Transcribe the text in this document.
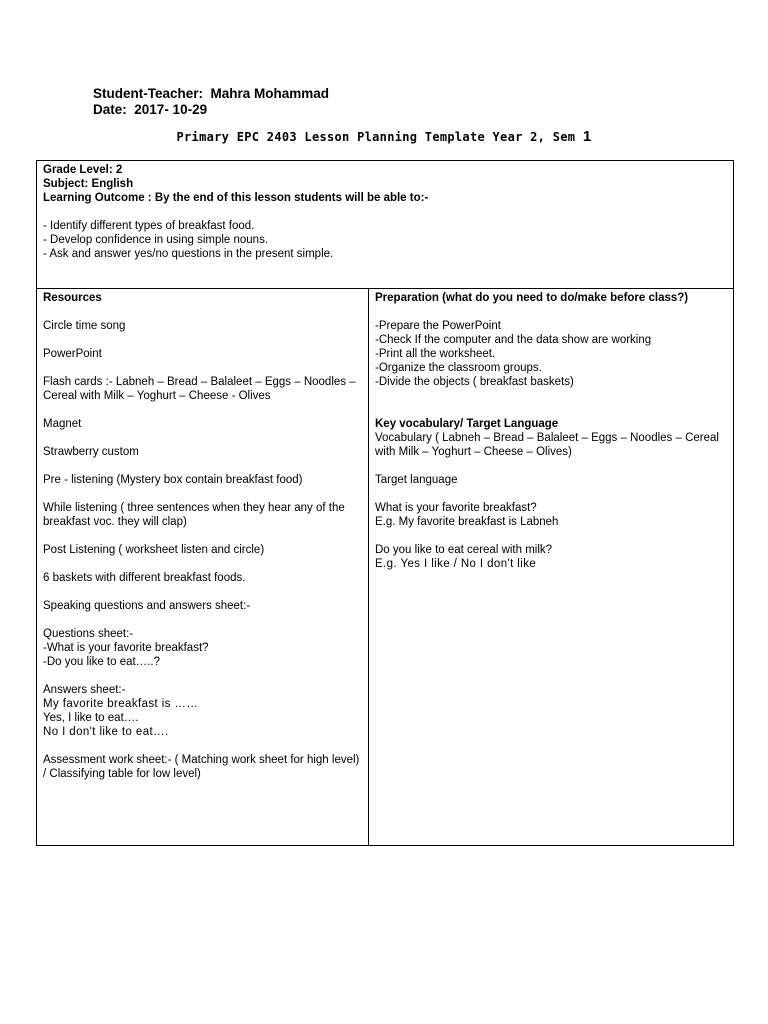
Student-Teacher: Mahra Mohammad
Date: 2017- 10-29
Primary EPC 2403 Lesson Planning Template Year 2, Sem 1
Grade Level: 2
Subject: English
Learning Outcome : By the end of this lesson students will be able to:-
- Identify different types of breakfast food.
- Develop confidence in using simple nouns.
- Ask and answer yes/no questions in the present simple.

Resources
Circle time song
PowerPoint
Flash cards :- Labneh – Bread – Balaleet – Eggs – Noodles – Cereal with Milk – Yoghurt – Cheese - Olives
Magnet
Strawberry custom
Pre - listening (Mystery box contain breakfast food)
While listening ( three sentences when they hear any of the breakfast voc. they will clap)
Post Listening ( worksheet listen and circle)
6 baskets with different breakfast foods.
Speaking questions and answers sheet:-
Questions sheet:-
-What is your favorite breakfast?
-Do you like to eat…..?
Answers sheet:-
My favorite breakfast is ……
Yes, I like to eat….
No I don't like to eat….
Assessment work sheet:- ( Matching work sheet for high level) / Classifying table for low level)

Preparation (what do you need to do/make before class?)
-Prepare the PowerPoint
-Check If the computer and the data show are working
-Print all the worksheet.
-Organize the classroom groups.
-Divide the objects ( breakfast baskets)
Key vocabulary/ Target Language
Vocabulary ( Labneh – Bread – Balaleet – Eggs – Noodles – Cereal with Milk – Yoghurt – Cheese – Olives)
Target language
What is your favorite breakfast?
E.g. My favorite breakfast is Labneh
Do you like to eat cereal with milk?
E.g. Yes I like / No I don't like
